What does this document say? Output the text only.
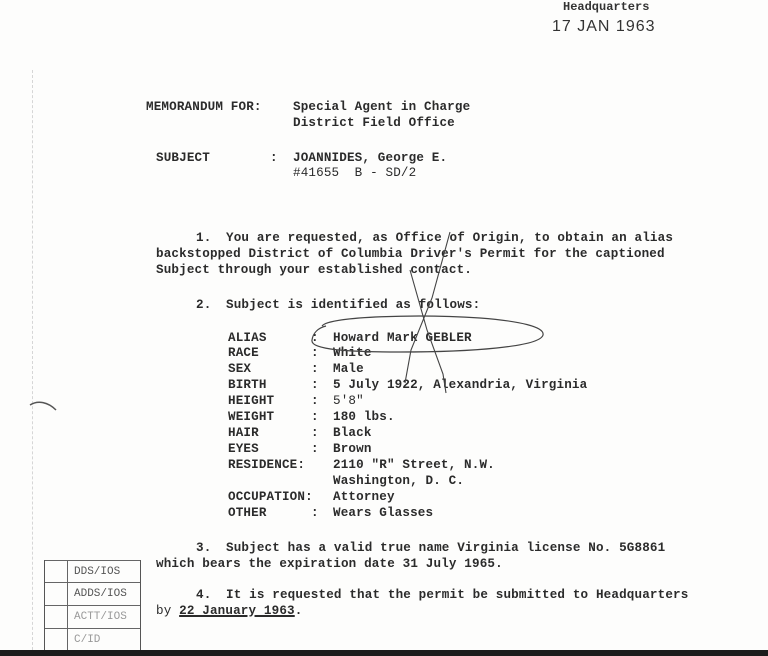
Headquarters
17 JAN 1963
MEMORANDUM FOR: Special Agent in Charge
District Field Office
SUBJECT	: JOANNIDES, George E.
#41655  B - SD/2
1. You are requested, as Office of Origin, to obtain an alias
backstopped District of Columbia Driver's Permit for the captioned
Subject through your established contact.
2. Subject is identified as follows:
ALIAS	: Howard Mark GEBLER
RACE	: White
SEX	: Male
BIRTH	: 5 July 1922, Alexandria, Virginia
HEIGHT	: 5'8"
WEIGHT	: 180 lbs.
HAIR	: Black
EYES	: Brown
RESIDENCE: 2110 "R" Street, N.W.
Washington, D. C.
OCCUPATION: Attorney
OTHER	: Wears Glasses
3. Subject has a valid true name Virginia license No. 5G8861
which bears the expiration date 31 July 1965.
4. It is requested that the permit be submitted to Headquarters
by 22 January 1963.
DDS/IOS
ADDS/IOS
ACTT/IOS
C/ID
